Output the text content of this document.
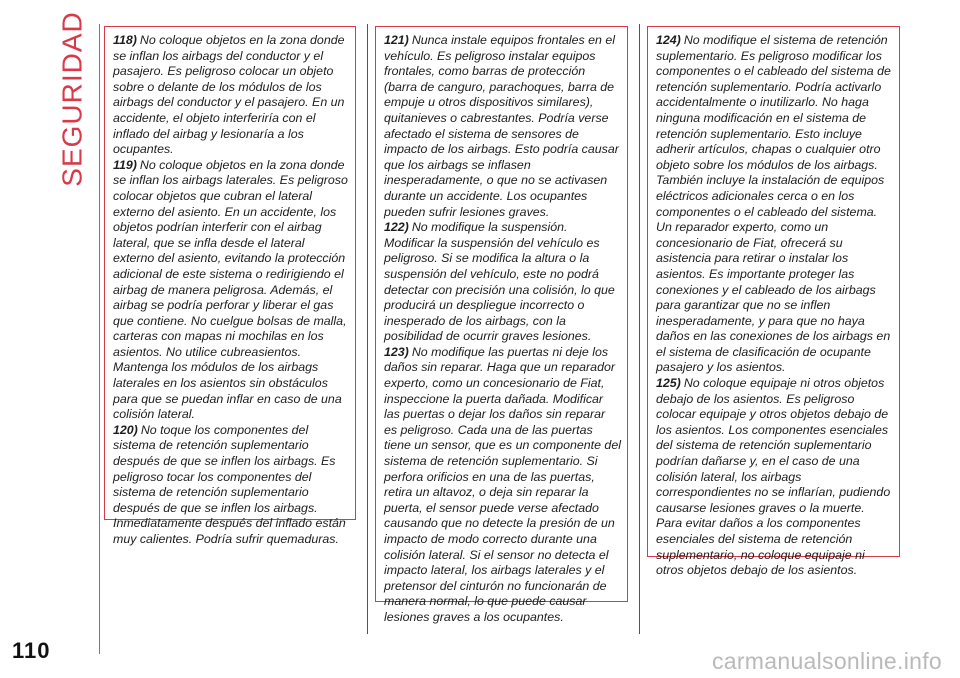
SEGURIDAD 118) No coloque objetos en la zona donde se inflan los airbags del conductor y el pasajero. Es peligroso colocar un objeto sobre o delante de los módulos de los airbags del conductor y el pasajero. En un accidente, el objeto interferiría con el inflado del airbag y lesionaría a los ocupantes.

119) No coloque objetos en la zona donde se inflan los airbags laterales. Es peligroso colocar objetos que cubran el lateral externo del asiento. En un accidente, los objetos podrían interferir con el airbag lateral, que se infla desde el lateral externo del asiento, evitando la protección adicional de este sistema o redirigiendo el airbag de manera peligrosa. Además, el airbag se podría perforar y liberar el gas que contiene. No cuelgue bolsas de malla, carteras con mapas ni mochilas en los asientos. No utilice cubreasientos. Mantenga los módulos de los airbags laterales en los asientos sin obstáculos para que se puedan inflar en caso de una colisión lateral.

120) No toque los componentes del sistema de retención suplementario después de que se inflen los airbags. Es peligroso tocar los componentes del sistema de retención suplementario después de que se inflen los airbags. Inmediatamente después del inflado están muy calientes. Podría sufrir quemaduras.

121) Nunca instale equipos frontales en el vehículo. Es peligroso instalar equipos frontales, como barras de protección (barra de canguro, parachoques, barra de empuje u otros dispositivos similares), quitanieves o cabrestantes. Podría verse afectado el sistema de sensores de impacto de los airbags. Esto podría causar que los airbags se inflasen inesperadamente, o que no se activasen durante un accidente. Los ocupantes pueden sufrir lesiones graves.

122) No modifique la suspensión. Modificar la suspensión del vehículo es peligroso. Si se modifica la altura o la suspensión del vehículo, este no podrá detectar con precisión una colisión, lo que producirá un despliegue incorrecto o inesperado de los airbags, con la posibilidad de ocurrir graves lesiones.

123) No modifique las puertas ni deje los daños sin reparar. Haga que un reparador experto, como un concesionario de Fiat, inspeccione la puerta dañada. Modificar las puertas o dejar los daños sin reparar es peligroso. Cada una de las puertas tiene un sensor, que es un componente del sistema de retención suplementario. Si perfora orificios en una de las puertas, retira un altavoz, o deja sin reparar la puerta, el sensor puede verse afectado causando que no detecte la presión de un impacto de modo correcto durante una colisión lateral. Si el sensor no detecta el impacto lateral, los airbags laterales y el pretensor del cinturón no funcionarán de manera normal, lo que puede causar lesiones graves a los ocupantes.

124) No modifique el sistema de retención suplementario. Es peligroso modificar los componentes o el cableado del sistema de retención suplementario. Podría activarlo accidentalmente o inutilizarlo. No haga ninguna modificación en el sistema de retención suplementario. Esto incluye adherir artículos, chapas o cualquier otro objeto sobre los módulos de los airbags. También incluye la instalación de equipos eléctricos adicionales cerca o en los componentes o el cableado del sistema. Un reparador experto, como un concesionario de Fiat, ofrecerá su asistencia para retirar o instalar los asientos. Es importante proteger las conexiones y el cableado de los airbags para garantizar que no se inflen inesperadamente, y para que no haya daños en las conexiones de los airbags en el sistema de clasificación de ocupante pasajero y los asientos.

125) No coloque equipaje ni otros objetos debajo de los asientos. Es peligroso colocar equipaje y otros objetos debajo de los asientos. Los componentes esenciales del sistema de retención suplementario podrían dañarse y, en el caso de una colisión lateral, los airbags correspondientes no se inflarían, pudiendo causarse lesiones graves o la muerte. Para evitar daños a los componentes esenciales del sistema de retención suplementario, no coloque equipaje ni otros objetos debajo de los asientos.

110	carmanualsonline.info
